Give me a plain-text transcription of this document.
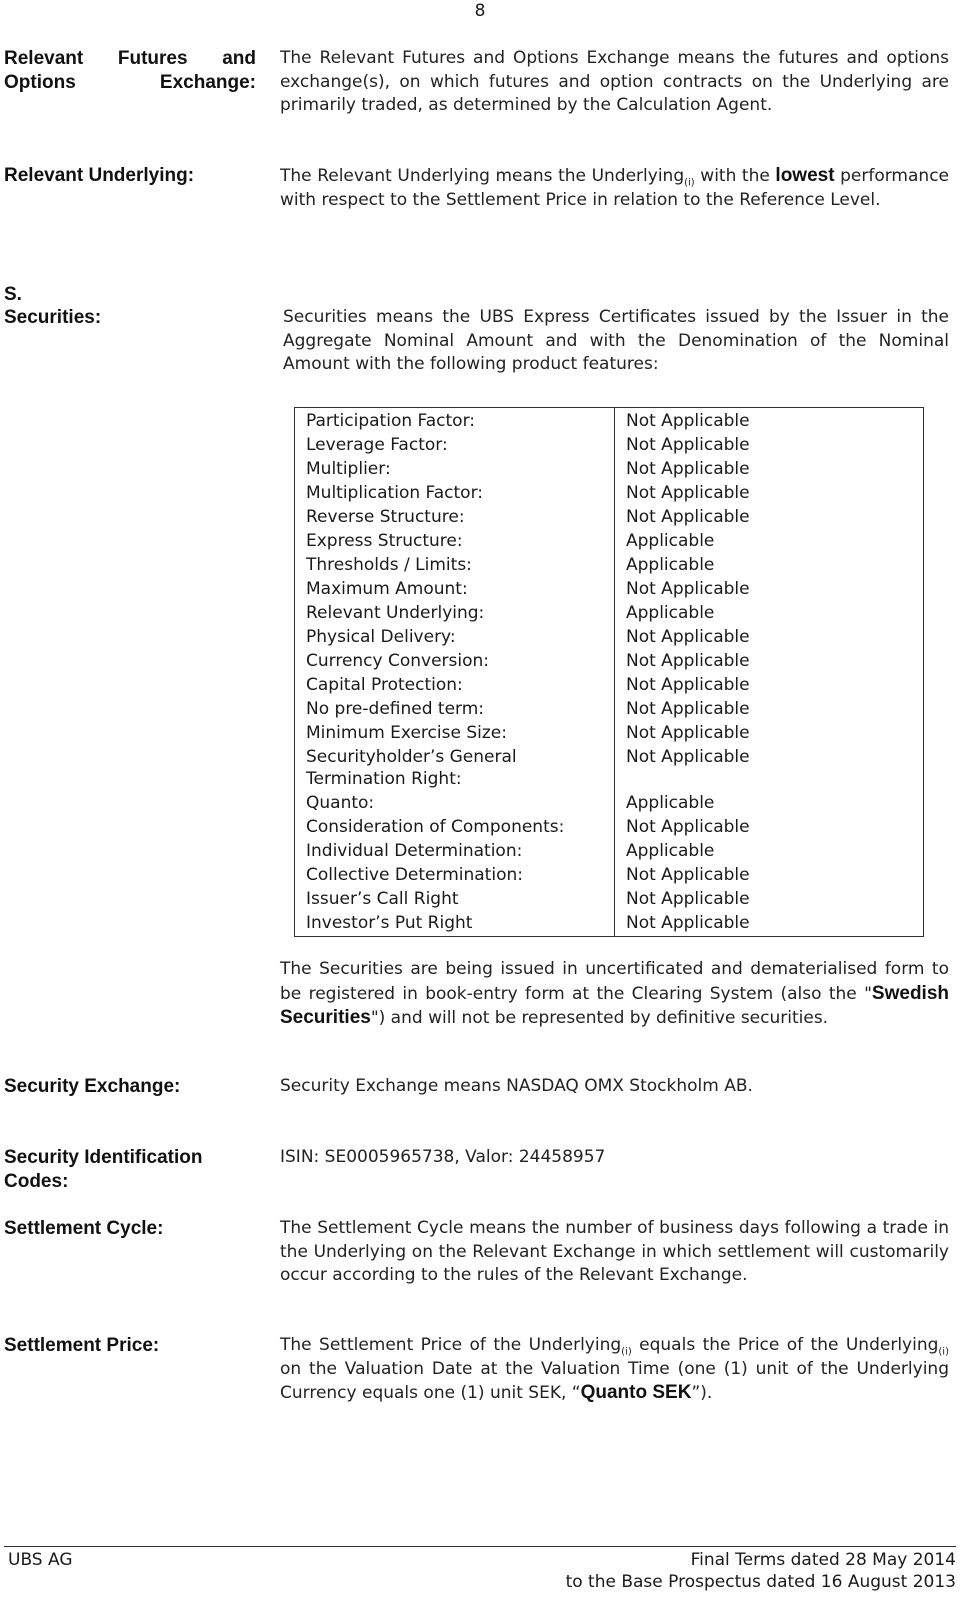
8
Relevant Futures and Options Exchange:
The Relevant Futures and Options Exchange means the futures and options exchange(s), on which futures and option contracts on the Underlying are primarily traded, as determined by the Calculation Agent.
Relevant Underlying:	The Relevant Underlying means the Underlying$_{(i)}$ with the lowest performance with respect to the Settlement Price in relation to the Reference Level.
S.
Securities:	Securities means the UBS Express Certificates issued by the Issuer in the Aggregate Nominal Amount and with the Denomination of the Nominal Amount with the following product features:
Participation Factor:	Not Applicable
Leverage Factor:	Not Applicable
Multiplier:	Not Applicable
Multiplication Factor:	Not Applicable
Reverse Structure:	Not Applicable
Express Structure:	Applicable
Thresholds / Limits:	Applicable
Maximum Amount:	Not Applicable
Relevant Underlying:	Applicable
Physical Delivery:	Not Applicable
Currency Conversion:	Not Applicable
Capital Protection:	Not Applicable
No pre-defined term:	Not Applicable
Minimum Exercise Size:	Not Applicable
Securityholder’s General Termination Right:	Not Applicable
Quanto:	Applicable
Consideration of Components:	Not Applicable
Individual Determination:	Applicable
Collective Determination:	Not Applicable
Issuer’s Call Right	Not Applicable
Investor’s Put Right	Not Applicable
The Securities are being issued in uncertificated and dematerialised form to be registered in book-entry form at the Clearing System (also the "Swedish Securities") and will not be represented by definitive securities.
Security Exchange:	Security Exchange means NASDAQ OMX Stockholm AB.
Security Identification Codes:
ISIN: SE0005965738, Valor: 24458957
Settlement Cycle:	The Settlement Cycle means the number of business days following a trade in the Underlying on the Relevant Exchange in which settlement will customarily occur according to the rules of the Relevant Exchange.
Settlement Price:	The Settlement Price of the Underlying$_{(i)}$ equals the Price of the Underlying$_{(i)}$ on the Valuation Date at the Valuation Time (one (1) unit of the Underlying Currency equals one (1) unit SEK, “Quanto SEK”).
UBS AG	Final Terms dated 28 May 2014
to the Base Prospectus dated 16 August 2013
